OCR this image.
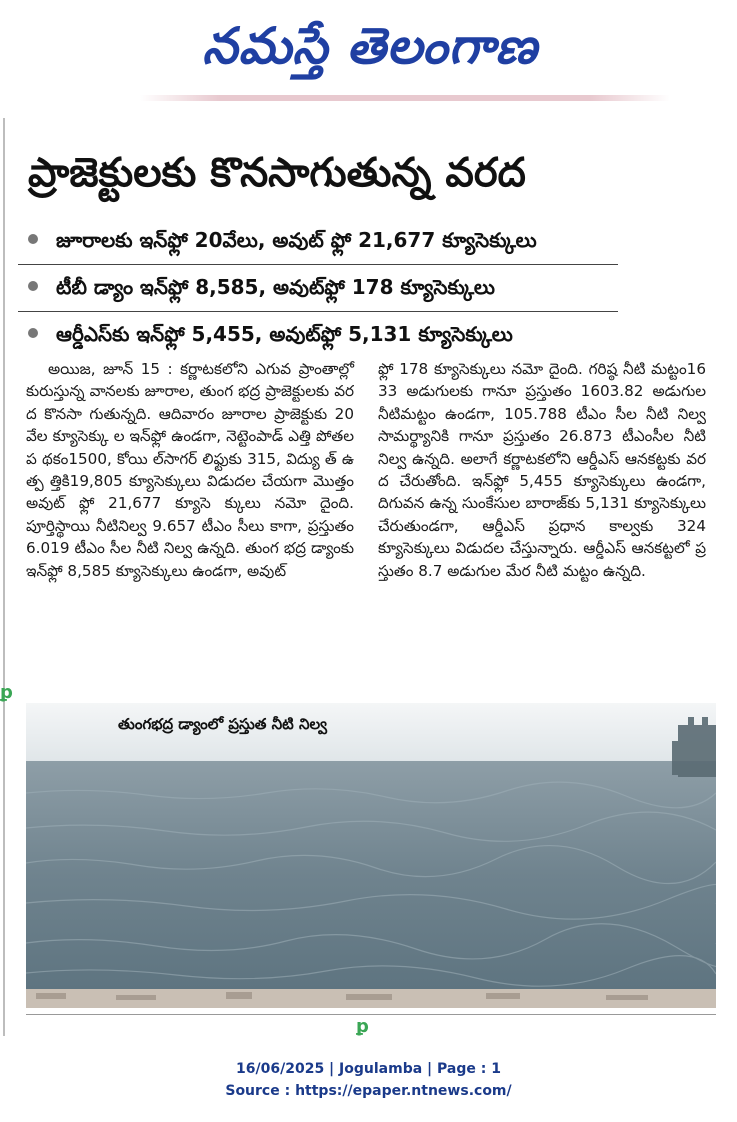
నమస్తే తెలంగాణ
ప్రాజెక్టులకు కొనసాగుతున్న వరద
జూరాలకు ఇన్‌ఫ్లో 20వేలు, అవుట్ ఫ్లో 21,677 క్యూసెక్కులు
టీబీ డ్యాం ఇన్‌ఫ్లో 8,585, అవుట్‌ఫ్లో 178 క్యూసెక్కులు
ఆర్డీఎస్‌కు ఇన్‌ఫ్లో 5,455, అవుట్‌ఫ్లో 5,131 క్యూసెక్కులు
అయిజ, జూన్ 15 : కర్ణాటకలోని ఎగువ ప్రాంతాల్లో కురుస్తున్న వానలకు జూరాల, తుంగ భద్ర ప్రాజెక్టులకు వరద కొనసా గుతున్నది. ఆదివారం జూరాల ప్రాజెక్టుకు 20వేల క్యూసెక్కు ల ఇన్‌ఫ్లో ఉండగా, నెట్టెంపాడ్ ఎత్తి పోతల ప థకం1500, కోయి ల్‌సాగర్ లిఫ్టుకు 315, విద్యు త్ ఉత్ప త్తికి19,805 క్యూసెక్కులు విడుదల చేయగా మొత్తం అవుట్ ఫ్లో 21,677 క్యూసె క్కులు నమో దైంది. పూర్తిస్థాయి నీటినిల్వ 9.657 టీఎం సీలు కాగా, ప్రస్తుతం 6.019 టీఎం సీల నీటి నిల్వ ఉన్నది. తుంగ భద్ర డ్యాంకు ఇన్‌ఫ్లో 8,585 క్యూసెక్కులు ఉండగా, అవుట్
ఫ్లో 178 క్యూసెక్కులు నమో దైంది. గరిష్ఠ నీటి మట్టం1633 అడుగులకు గానూ ప్రస్తుతం 1603.82 అడుగుల నీటిమట్టం ఉండగా, 105.788 టీఎం సీల నీటి నిల్వ సామర్థ్యానికి గానూ ప్రస్తుతం 26.873 టీఎంసీల నీటి నిల్వ ఉన్నది. అలాగే కర్ణాటకలోని ఆర్డీఎస్ ఆనకట్టకు వరద చేరుతోంది. ఇన్‌ఫ్లో 5,455 క్యూసెక్కులు ఉండగా, దిగువన ఉన్న సుంకేసుల బారాజ్‌కు 5,131 క్యూసెక్కులు చేరుతుండగా, ఆర్డీఎస్ ప్రధాన కాల్వకు 324 క్యూసెక్కులు విడుదల చేస్తున్నారు. ఆర్డీఎస్ ఆనకట్టలో ప్రస్తుతం 8.7 అడుగుల మేర నీటి మట్టం ఉన్నది.
తుంగభద్ర డ్యాంలో ప్రస్తుత నీటి నిల్వ
ꝑ
ꝑ
16/06/2025 | Jogulamba | Page : 1
Source : https://epaper.ntnews.com/
